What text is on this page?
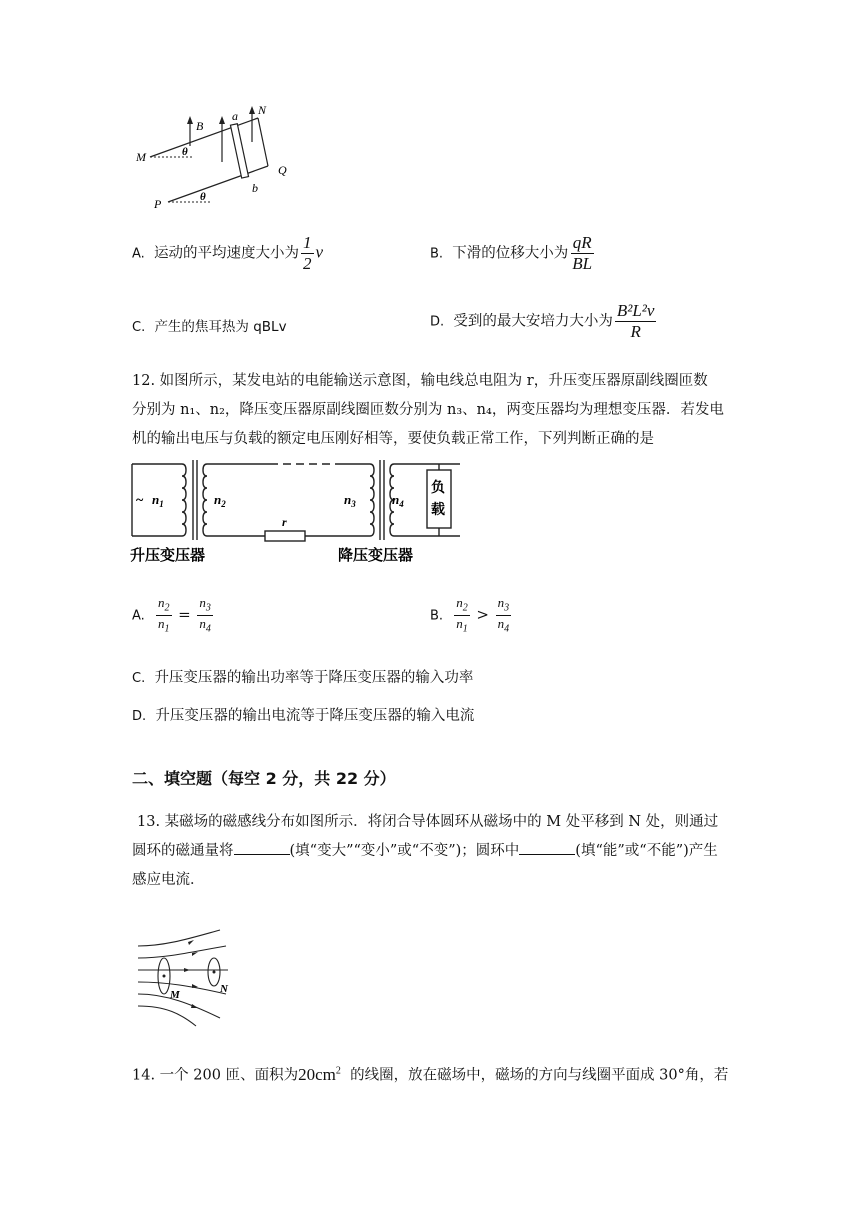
M
P
N
Q
a
b
B
θ
θ
A. 运动的平均速度大小为 $\frac{1}{2}$ v	B. 下滑的位移大小为 $\frac{qR}{BL}$
C. 产生的焦耳热为 qBLv	D. 受到的最大安培力大小为 $\frac{\text{B²L²v}}{R}$
12. 如图所示，某发电站的电能输送示意图，输电线总电阻为 r，升压变压器原副线圈匝数
分别为 n₁、n₂，降压变压器原副线圈匝数分别为 n₃、n₄，两变压器均为理想变压器．若发电
机的输出电压与负载的额定电压刚好相等，要使负载正常工作，下列判断正确的是
~ $n_1$	$n_2$	$n_3$	$n_4$
r
负
载
升压变压器	降压变压器
A. $\frac{n_2}{n_1} = \frac{n_3}{n_4}$	B. $\frac{n_2}{n_1} > \frac{n_3}{n_4}$
C. 升压变压器的输出功率等于降压变压器的输入功率
D. 升压变压器的输出电流等于降压变压器的输入电流
二、填空题（每空 2 分，共 22 分）
13. 某磁场的磁感线分布如图所示．将闭合导体圆环从磁场中的 M 处平移到 N 处，则通过
圆环的磁通量将	(填“变大”“变小”或“不变”)；圆环中	(填“能”或“不能”)产生
感应电流．
M	N
14. 一个 200 匝、面积为$20cm^2$ 的线圈，放在磁场中，磁场的方向与线圈平面成 30°角，若
